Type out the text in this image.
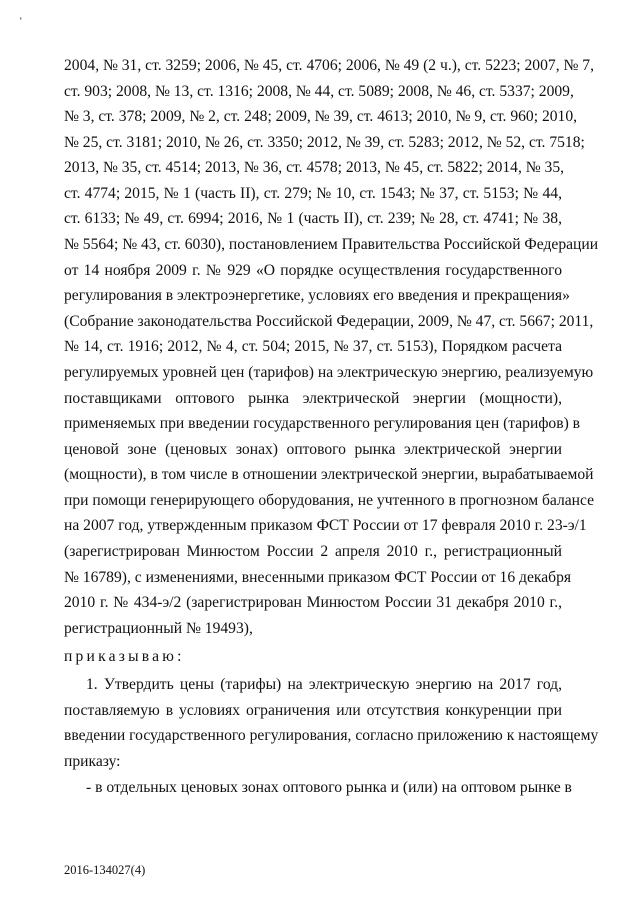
’
2004, № 31, ст. 3259; 2006, № 45, ст. 4706; 2006, № 49 (2 ч.), ст. 5223; 2007, № 7,
ст. 903; 2008, № 13, ст. 1316; 2008, № 44, ст. 5089; 2008, № 46, ст. 5337; 2009,
№ 3, ст. 378; 2009, № 2, ст. 248; 2009, № 39, ст. 4613; 2010, № 9, ст. 960; 2010,
№ 25, ст. 3181; 2010, № 26, ст. 3350; 2012, № 39, ст. 5283; 2012, № 52, ст. 7518;
2013, № 35, ст. 4514; 2013, № 36, ст. 4578; 2013, № 45, ст. 5822; 2014, № 35,
ст. 4774; 2015, № 1 (часть II), ст. 279; № 10, ст. 1543; № 37, ст. 5153; № 44,
ст. 6133; № 49, ст. 6994; 2016, № 1 (часть II), ст. 239; № 28, ст. 4741; № 38,
№ 5564; № 43, ст. 6030), постановлением Правительства Российской Федерации
от 14 ноября 2009 г. № 929 «О порядке осуществления государственного
регулирования в электроэнергетике, условиях его введения и прекращения»
(Собрание законодательства Российской Федерации, 2009, № 47, ст. 5667; 2011,
№ 14, ст. 1916; 2012, № 4, ст. 504; 2015, № 37, ст. 5153), Порядком расчета
регулируемых уровней цен (тарифов) на электрическую энергию, реализуемую
поставщиками оптового рынка электрической энергии (мощности),
применяемых при введении государственного регулирования цен (тарифов) в
ценовой зоне (ценовых зонах) оптового рынка электрической энергии
(мощности), в том числе в отношении электрической энергии, вырабатываемой
при помощи генерирующего оборудования, не учтенного в прогнозном балансе
на 2007 год, утвержденным приказом ФСТ России от 17 февраля 2010 г. 23-э/1
(зарегистрирован Минюстом России 2 апреля 2010 г., регистрационный
№ 16789), с изменениями, внесенными приказом ФСТ России от 16 декабря
2010 г. № 434-э/2 (зарегистрирован Минюстом России 31 декабря 2010 г.,
регистрационный № 19493),
приказываю:
1. Утвердить цены (тарифы) на электрическую энергию на 2017 год,
поставляемую в условиях ограничения или отсутствия конкуренции при
введении государственного регулирования, согласно приложению к настоящему
приказу:
- в отдельных ценовых зонах оптового рынка и (или) на оптовом рынке в
2016-134027(4)
